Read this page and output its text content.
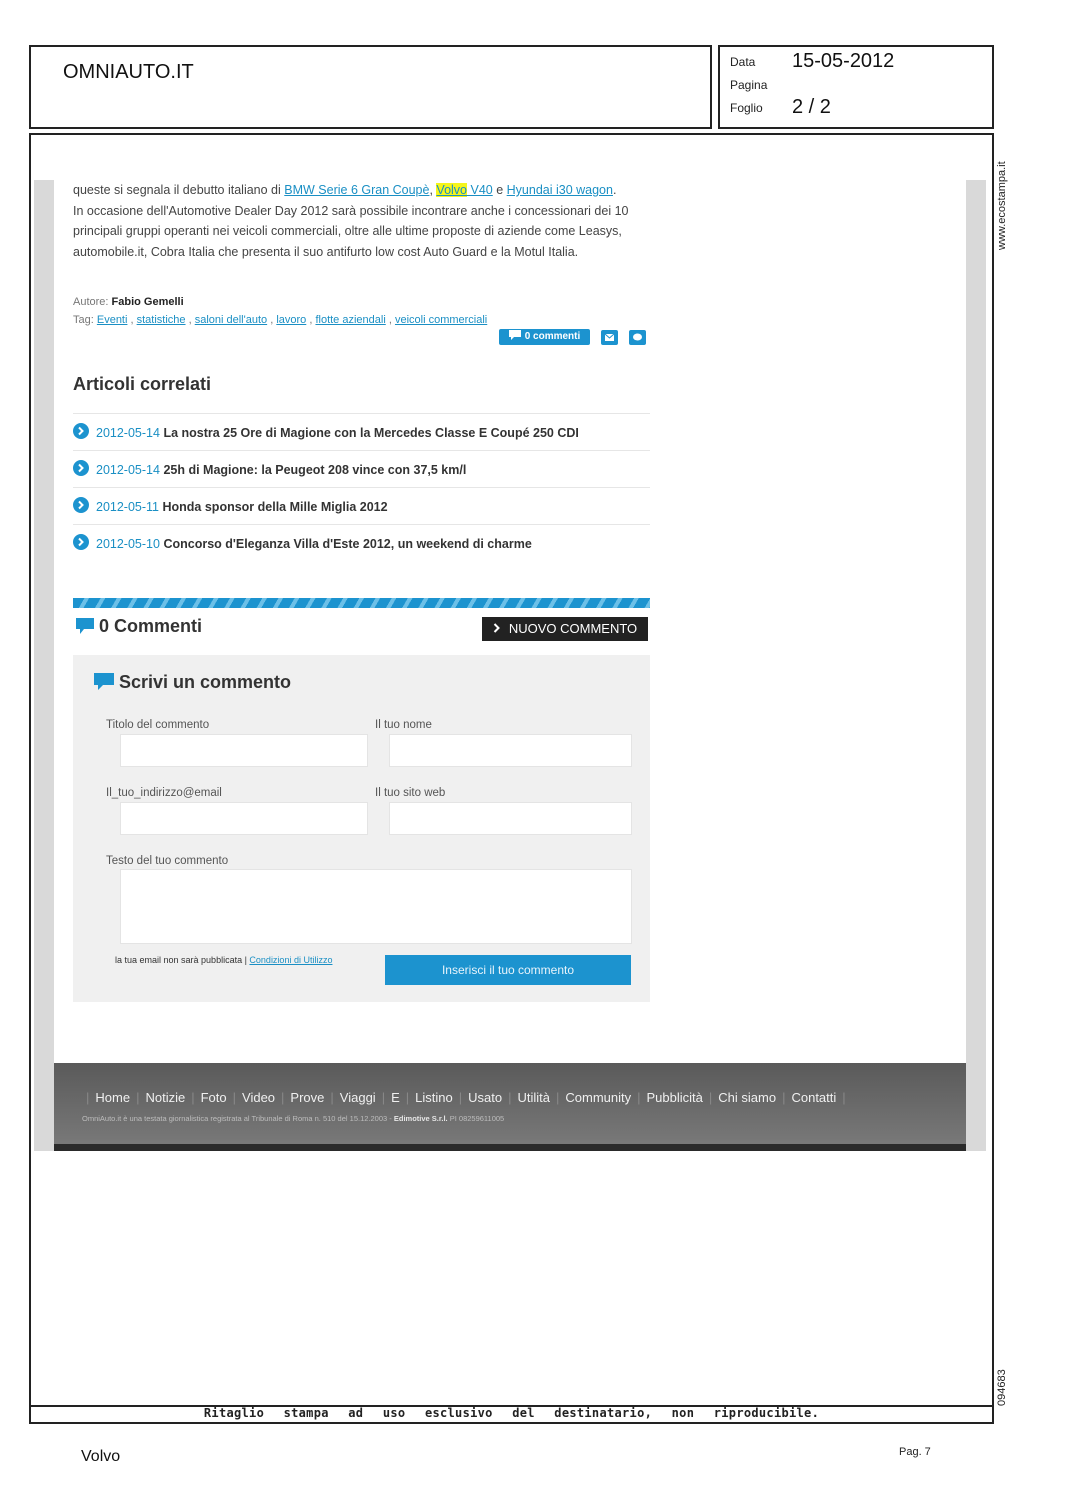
OMNIAUTO.IT	Data 15-05-2012
Pagina
Foglio 2 / 2
Ritaglio stampa ad uso esclusivo del destinatario, non riproducibile.
www.ecostampa.it
094683
queste si segnala il debutto italiano di BMW Serie 6 Gran Coupè, Volvo V40 e Hyundai i30 wagon.
In occasione dell'Automotive Dealer Day 2012 sarà possibile incontrare anche i concessionari dei 10 principali gruppi operanti nei veicoli commerciali, oltre alle ultime proposte di aziende come Leasys, automobile.it, Cobra Italia che presenta il suo antifurto low cost Auto Guard e la Motul Italia.
Autore: Fabio Gemelli
Tag: Eventi , statistiche , saloni dell'auto , lavoro , flotte aziendali , veicoli commerciali
0 commenti
Articoli correlati
2012-05-14 La nostra 25 Ore di Magione con la Mercedes Classe E Coupé 250 CDI
2012-05-14 25h di Magione: la Peugeot 208 vince con 37,5 km/l
2012-05-11 Honda sponsor della Mille Miglia 2012
2012-05-10 Concorso d'Eleganza Villa d'Este 2012, un weekend di charme
0 Commenti	NUOVO COMMENTO
Scrivi un commento
Titolo del commento	Il tuo nome
Il_tuo_indirizzo@email	Il tuo sito web
Testo del tuo commento
la tua email non sarà pubblicata | Condizioni di Utilizzo
Inserisci il tuo commento
| Home | Notizie | Foto | Video | Prove | Viaggi | E | Listino | Usato | Utilità | Community | Pubblicità | Chi siamo | Contatti |
OmniAuto.it è una testata giornalistica registrata al Tribunale di Roma n. 510 del 15.12.2003 - Edimotive S.r.l. PI 08259611005
Volvo	Pag. 7
